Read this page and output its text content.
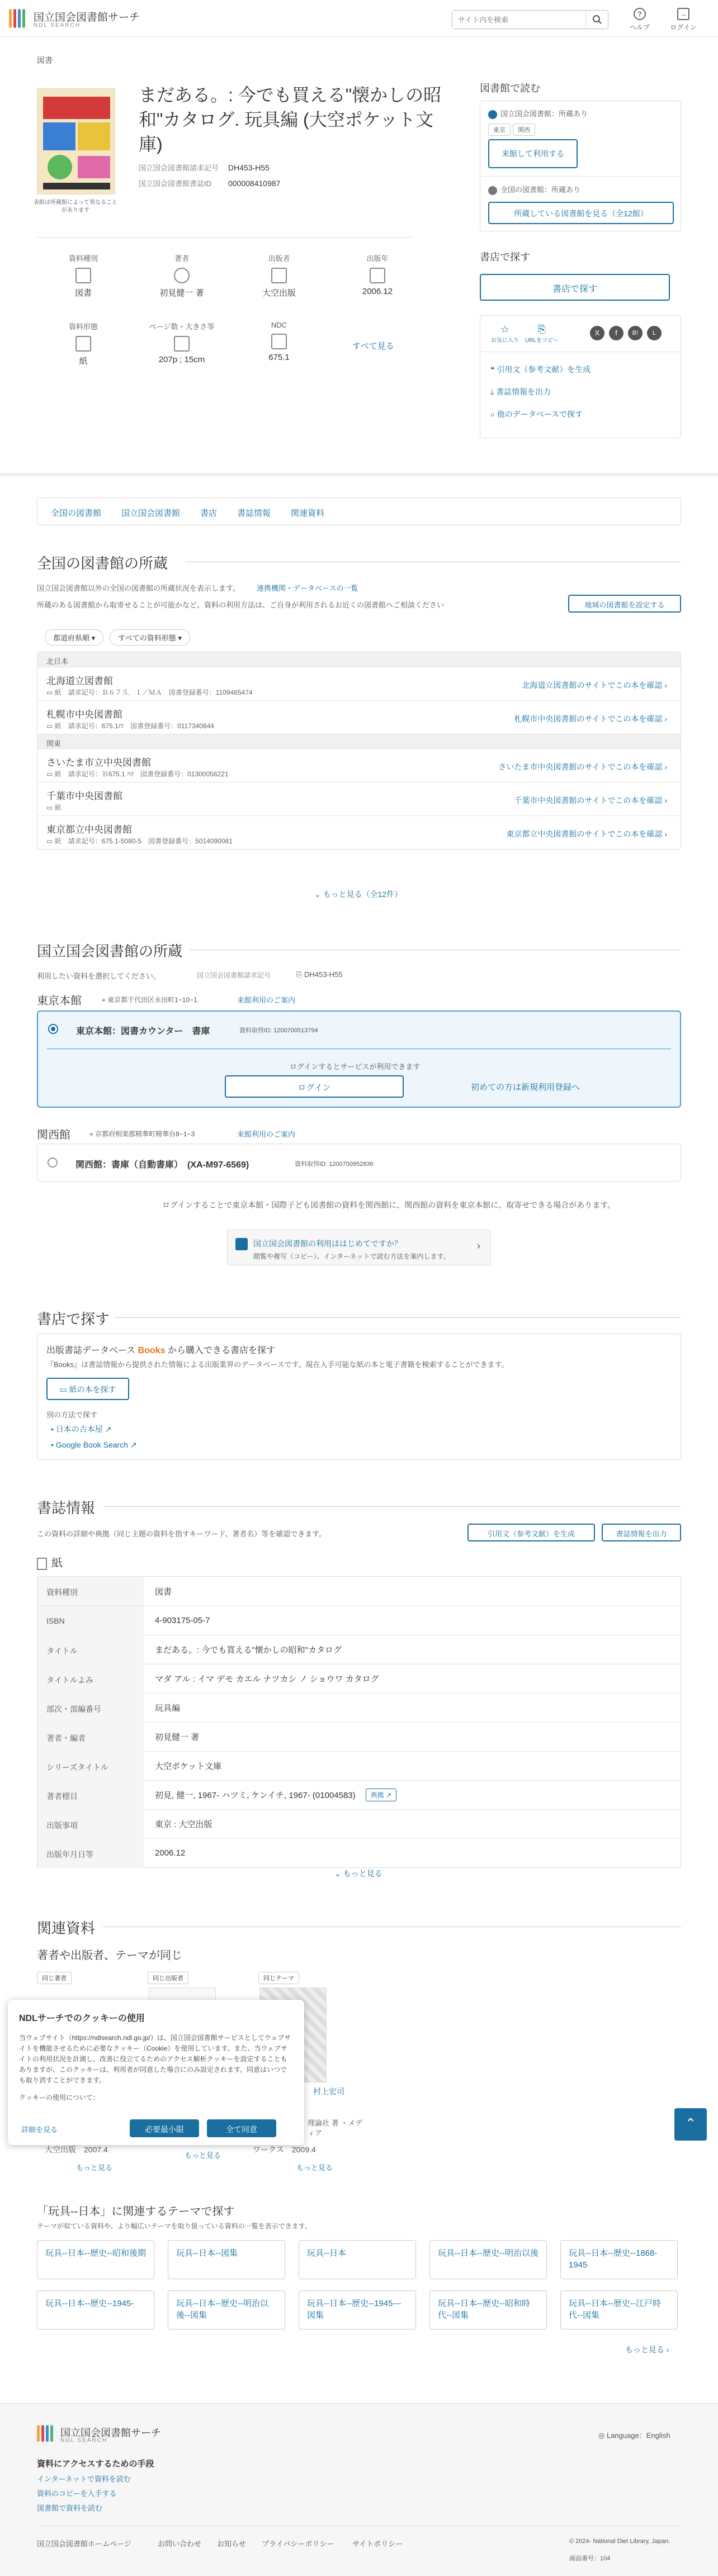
国立国会図書館サーチ
NDL SEARCH
サイト内を検索
?
ヘルプ
→
ログイン
図書
表紙は所蔵館によって異なることがあります
まだある。: 今でも買える"懐かしの昭和"カタログ. 玩具編 (大空ポケット文庫)
国立国会図書館請求記号 DH453-H55
国立国会図書館書誌ID 000008410987
資料種別
図書
著者
初見健一 著
出版者
大空出版
出版年
2006.12
資料形態
紙
ページ数・大きさ等
207p ; 15cm
NDC
675.1
すべて見る
図書館で読む
国立国会図書館：所蔵あり
東京 関西
来館して利用する
全国の図書館：所蔵あり
所蔵している図書館を見る（全12館）
書店で探す
書店で探す
☆
お気に入り
⎘
URLをコピー
X	f	B!	L
❝ 引用文（参考文献）を生成
⤓ 書誌情報を出力
⌕ 他のデータベースで探す
全国の図書館 国立国会図書館 書店 書誌情報 関連資料
全国の図書館の所蔵
国立国会図書館以外の全国の図書館の所蔵状況を表示します。 連携機関・データベースの一覧
所蔵のある図書館から取寄せることが可能かなど、資料の利用方法は、ご自身が利用されるお近くの図書館へご相談ください	地域の図書館を設定する
都道府県順 ▾	すべての資料形態 ▾
北日本
北海道立図書館
▭ 紙　 請求記号：Ｂ６７５．１／ＭＡ　 図書登録番号：1109465474
北海道立図書館のサイトでこの本を確認 ›
札幌市中央図書館
▭ 紙　 請求記号：675.1/ﾏ　 図書登録番号：0117340844
札幌市中央図書館のサイトでこの本を確認 ›
関東
さいたま市立中央図書館
▭ 紙　 請求記号：Ｂ675.1 ﾊﾂ　 図書登録番号：01300056221
さいたま市中央図書館のサイトでこの本を確認 ›
千葉市中央図書館
▭ 紙
千葉市中央図書館のサイトでこの本を確認 ›
東京都立中央図書館
▭ 紙　 請求記号：675.1-5080-5　 図書登録番号：5014090081
東京都立中央図書館のサイトでこの本を確認 ›
⌄ もっと見る（全12件）
国立国会図書館の所蔵
利用したい資料を選択してください。	国立国会図書館請求記号	⎘ DH453-H55
東京本館	⌖ 東京都千代田区永田町1−10−1	来館利用のご案内
東京本館：図書カウンター　書庫	資料取得ID: 1200700513794
ログインするとサービスが利用できます
ログイン	初めての方は新規利用登録へ
関西館	⌖ 京都府相楽郡精華町精華台8−1−3	来館利用のご案内
関西館：書庫（自動書庫）　(XA-M97-6569)	資料取得ID: 1200700952836
ログインすることで東京本館・国際子ども図書館の資料を関西館に、関西館の資料を東京本館に、取寄せできる場合があります。
国立国会図書館の利用ははじめてですか？
閲覧や複写（コピー）、インターネットで読む方法を案内します。
›
書店で探す
出版書誌データベース Books から購入できる書店を探す
『Books』は書誌情報から提供された情報による出版業界のデータベースです。現在入手可能な紙の本と電子書籍を検索することができます。
▭ 紙の本を探す
別の方法で探す
• 日本の古本屋 ↗
• Google Book Search ↗
書誌情報
この資料の詳細や典拠（同じ主題の資料を指すキーワード、著者名）等を確認できます。	引用文（参考文献）を生成	書誌情報を出力
紙
資料種別	図書
ISBN	4-903175-05-7
タイトル	まだある。: 今でも買える"懐かしの昭和"カタログ
タイトルよみ	マダ アル : イマ デモ カエル ナツカシ ノ ショウワ カタログ
部次・部編番号	玩具編
著者・編者	初見健一 著
シリーズタイトル	大空ポケット文庫
著者標目	初見, 健一, 1967- ハツミ, ケンイチ, 1967- (01004583)	典拠 ↗
出版事項	東京 : 大空出版
出版年月日等	2006.12
⌄ もっと見る
関連資料
著者や出版者、テーマが同じ
同じ著者	同じ出版者	同じテーマ
村上宏司
理論社 著 ・メディア
大空出版　2007.4
もっと見る
もっと見る
ワークス　2009.4
もっと見る
「玩具--日本」に関連するテーマで探す
テーマが似ている資料や、より幅広いテーマを取り扱っている資料の一覧を表示できます。
玩具--日本--歴史--昭和後期	玩具--日本--図集	玩具--日本	玩具--日本--歴史--明治以後	玩具--日本--歴史--1868-1945
玩具--日本--歴史--1945-	玩具--日本--歴史--明治以後--図集
玩具--日本--歴史--1945---図集
玩具--日本--歴史--昭和時代--図集
玩具--日本--歴史--江戸時代--図集
もっと見る ›
国立国会図書館サーチ
NDL SEARCH
◎ Language：English
資料にアクセスするための手段
インターネットで資料を読む
資料のコピーを入手する
図書館で資料を読む
国立国会図書館ホームページ	お問い合わせ お知らせ プライバシーポリシー	サイトポリシー	© 2024- National Diet Library, Japan.
画面番号：104
NDLサーチでのクッキーの使用
当ウェブサイト（https://ndlsearch.ndl.go.jp/）は、国立国会図書館サービスとしてウェブサイトを機能させるために必要なクッキー（Cookie）を使用しています。また、当ウェブサイトの利用状況を計測し、改善に役立てるためのアクセス解析クッキーを設定することもありますが、このクッキーは、利用者が同意した場合にのみ設定されます。同意はいつでも取り消すことができます。
クッキーの使用について：
詳細を見る	必要最小限	全て同意	⌃
